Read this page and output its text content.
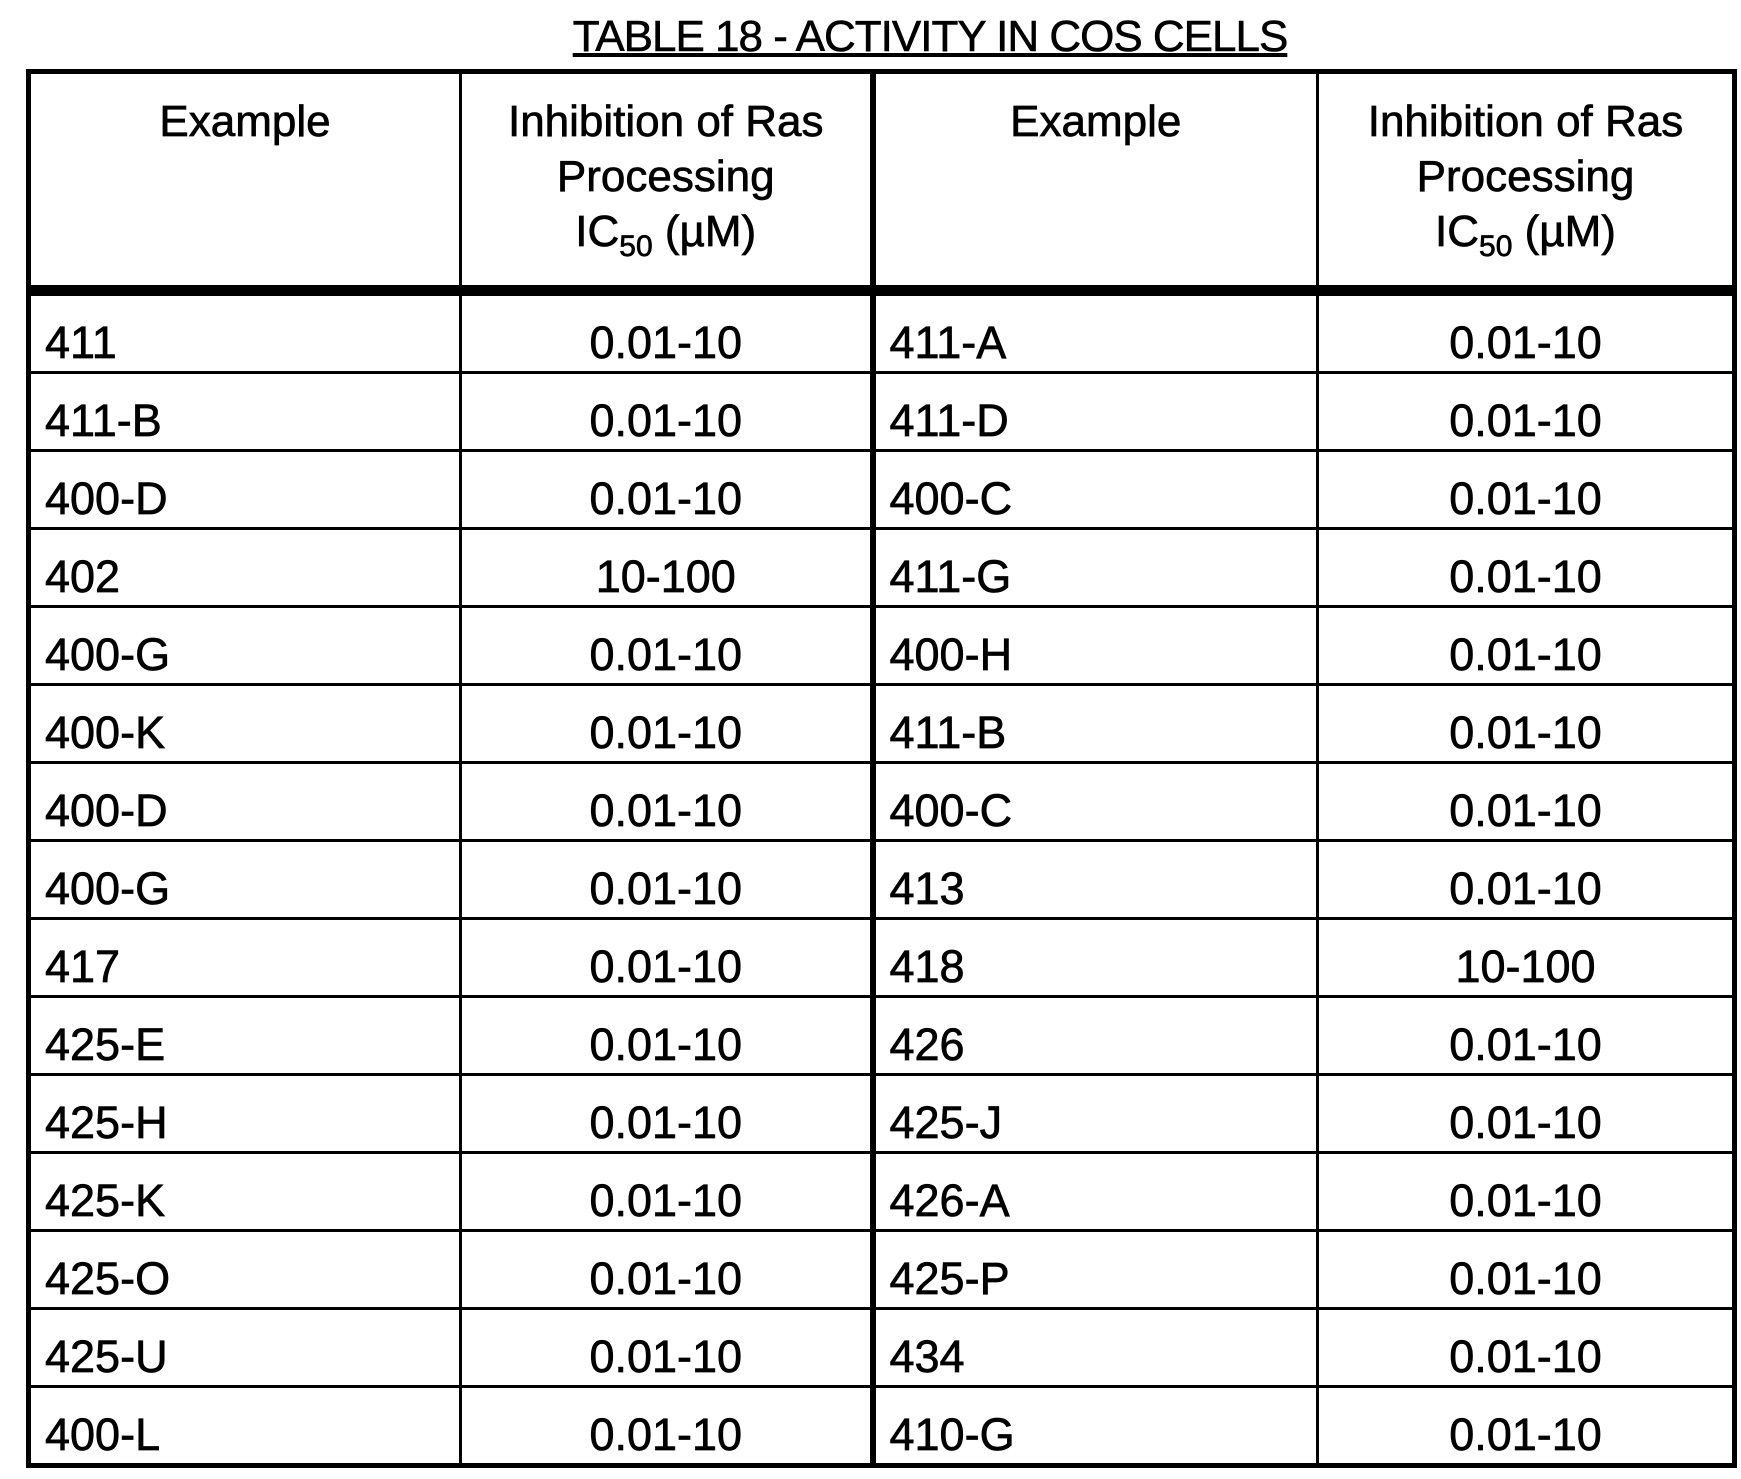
TABLE 18 - ACTIVITY IN COS CELLS
Example	Inhibition of Ras
Processing
IC50 (µM)
	Example	Inhibition of Ras
Processing
IC50 (µM)

411	0.01-10	411-A	0.01-10
411-B	0.01-10	411-D	0.01-10
400-D	0.01-10	400-C	0.01-10
402	10-100	411-G	0.01-10
400-G	0.01-10	400-H	0.01-10
400-K	0.01-10	411-B	0.01-10
400-D	0.01-10	400-C	0.01-10
400-G	0.01-10	413	0.01-10
417	0.01-10	418	10-100
425-E	0.01-10	426	0.01-10
425-H	0.01-10	425-J	0.01-10
425-K	0.01-10	426-A	0.01-10
425-O	0.01-10	425-P	0.01-10
425-U	0.01-10	434	0.01-10
400-L	0.01-10	410-G	0.01-10
